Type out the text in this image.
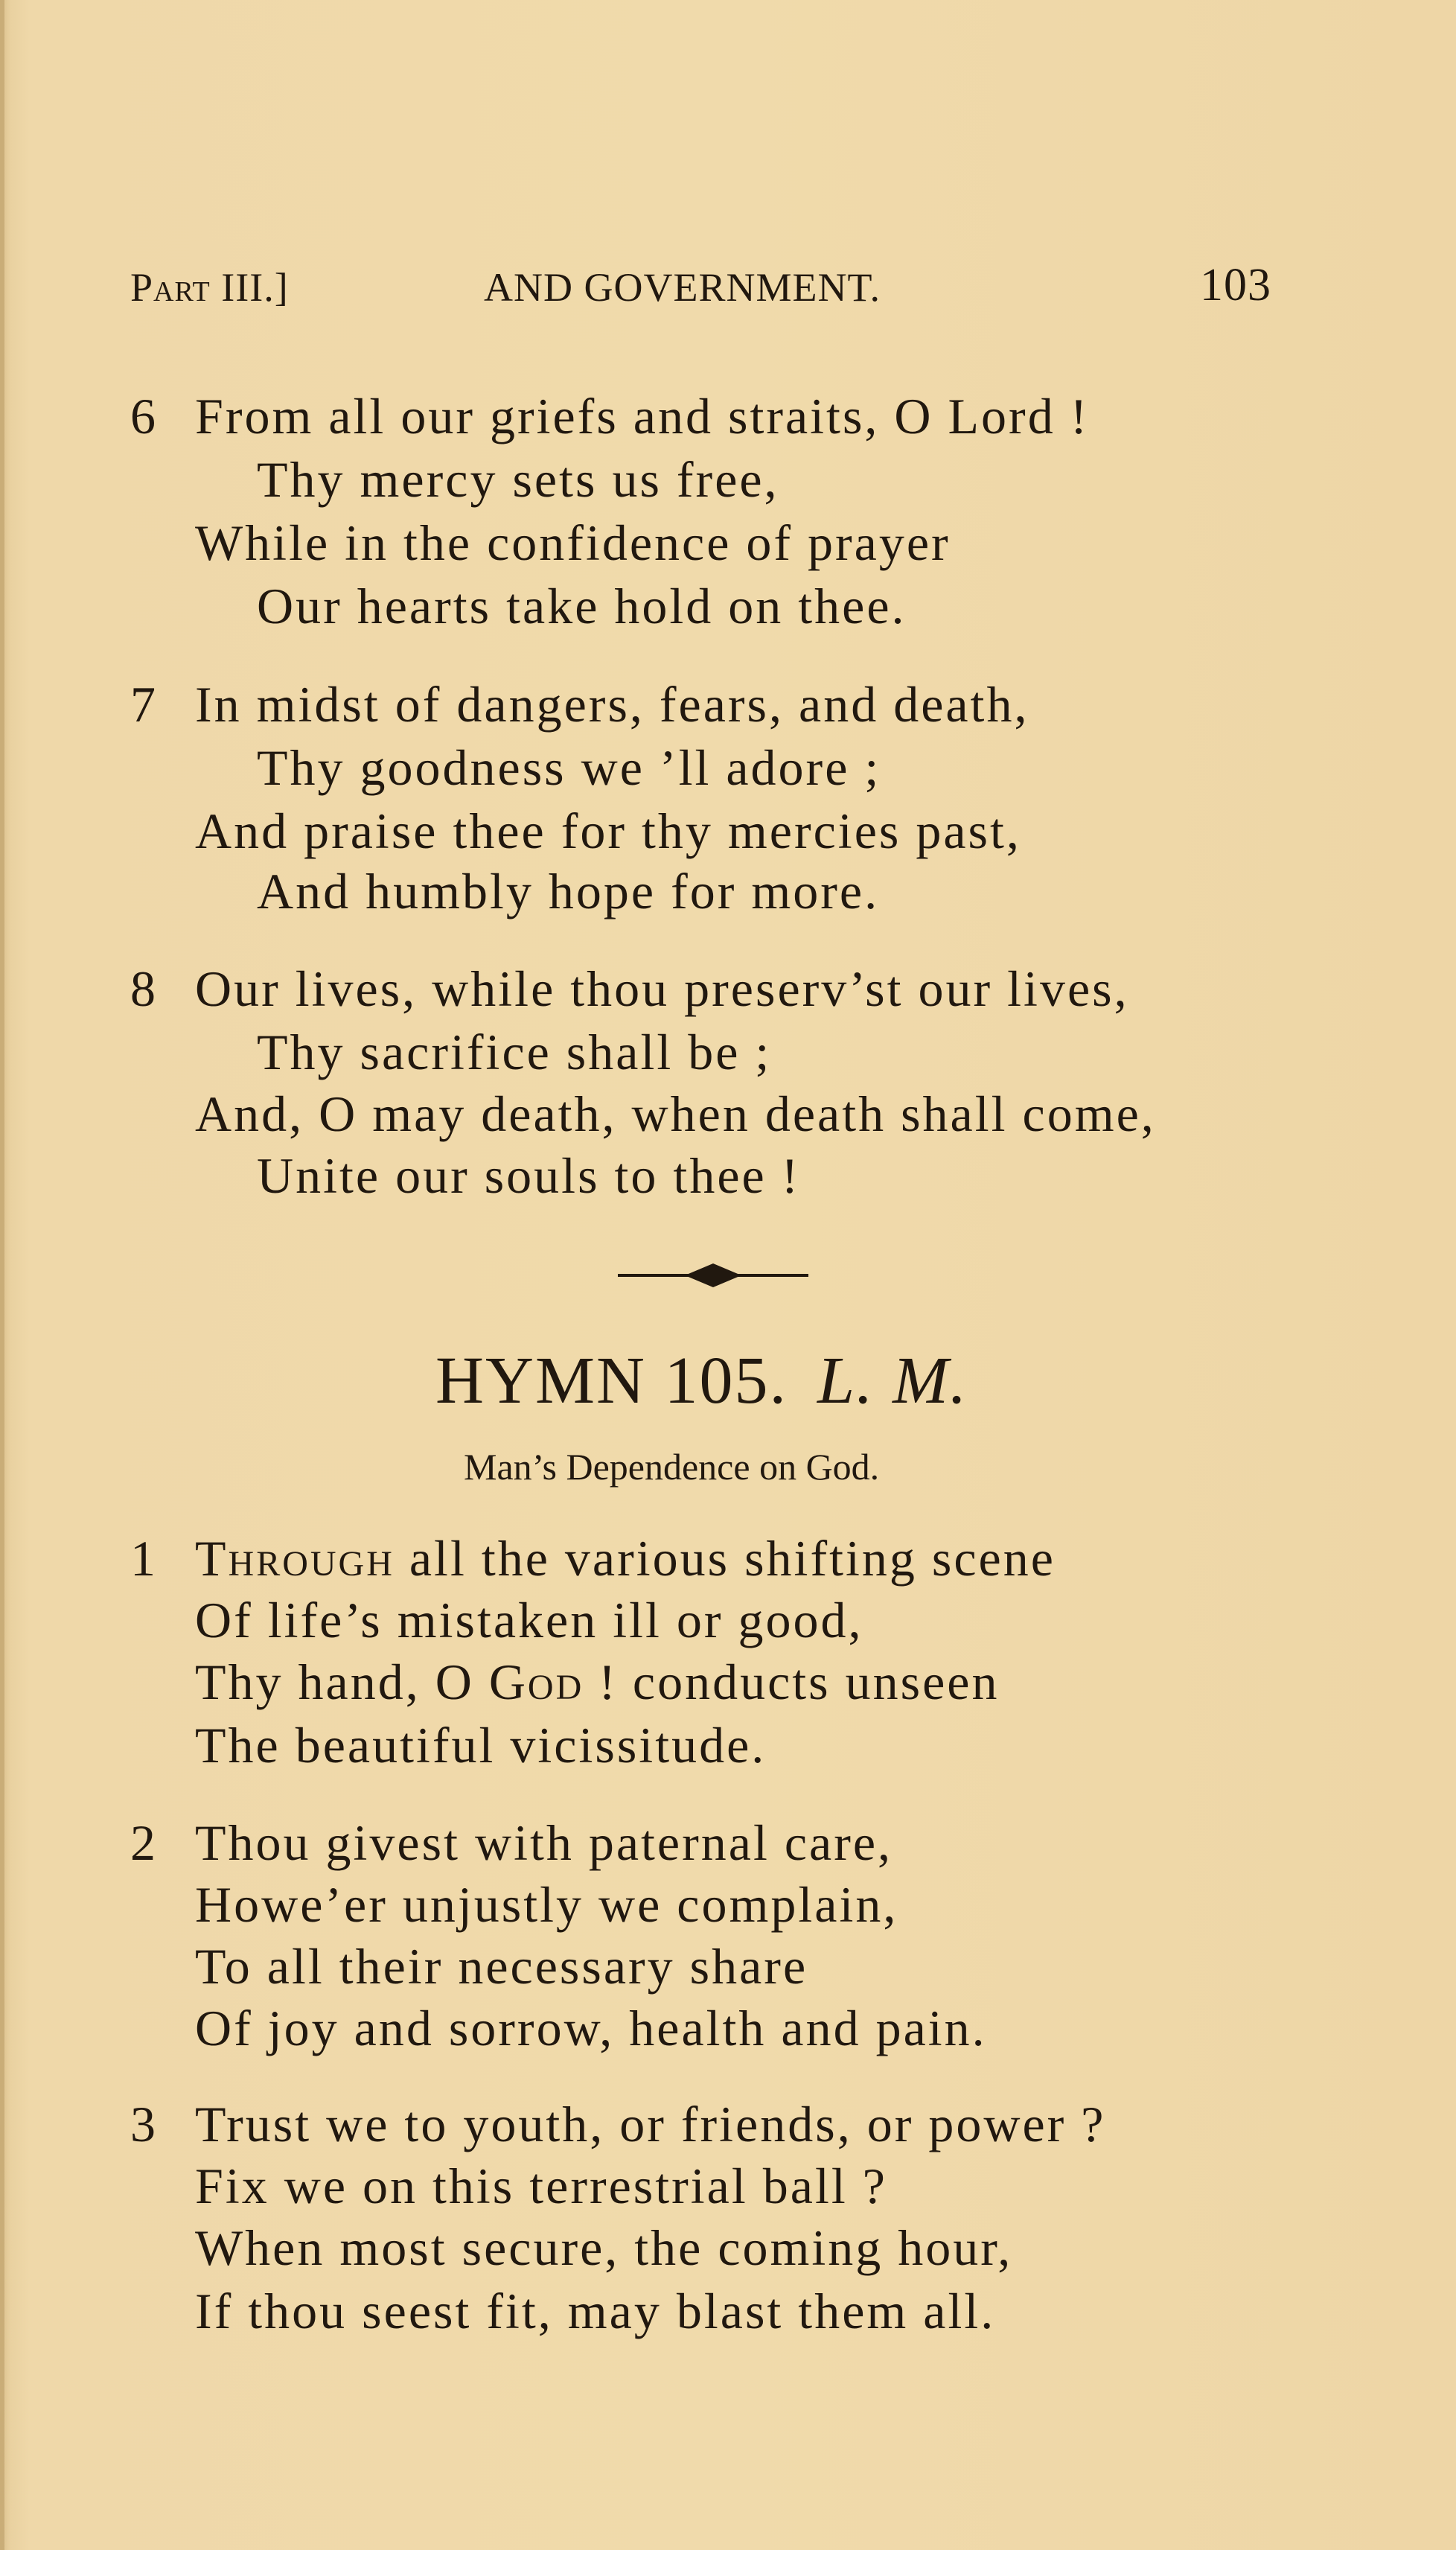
Part III.]	AND GOVERNMENT.	103
6 From all our griefs and straits, O Lord !
Thy mercy sets us free,
While in the confidence of prayer
Our hearts take hold on thee.
7 In midst of dangers, fears, and death,
Thy goodness we ’ll adore ;
And praise thee for thy mercies past,
And humbly hope for more.
8 Our lives, while thou preserv’st our lives,
Thy sacrifice shall be ;
And, O may death, when death shall come,
Unite our souls to thee !
HYMN 105. L. M.
Man’s Dependence on God.
1 Through all the various shifting scene
Of life’s mistaken ill or good,
Thy hand, O God ! conducts unseen
The beautiful vicissitude.
2 Thou givest with paternal care,
Howe’er unjustly we complain,
To all their necessary share
Of joy and sorrow, health and pain.
3 Trust we to youth, or friends, or power ?
Fix we on this terrestrial ball ?
When most secure, the coming hour,
If thou seest fit, may blast them all.
